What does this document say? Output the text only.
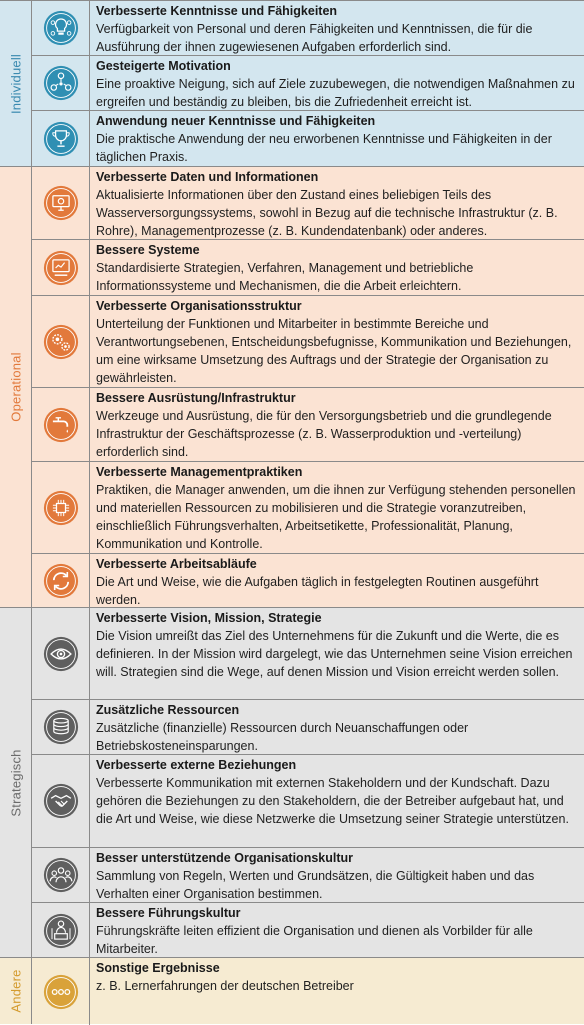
Individuell
Verbesserte Kenntnisse und Fähigkeiten
Verfügbarkeit von Personal und deren Fähigkeiten und Kenntnissen, die für die Ausführung der ihnen zugewiesenen Aufgaben erforderlich sind.
Gesteigerte Motivation
Eine proaktive Neigung, sich auf Ziele zuzubewegen, die notwendigen Maßnahmen zu ergreifen und beständig zu bleiben, bis die Zufriedenheit erreicht ist.
Anwendung neuer Kenntnisse und Fähigkeiten
Die praktische Anwendung der neu erworbenen Kenntnisse und Fähigkeiten in der täglichen Praxis.
Operational
Verbesserte Daten und Informationen
Aktualisierte Informationen über den Zustand eines beliebigen Teils des Wasserversorgungssystems, sowohl in Bezug auf die technische Infrastruktur (z. B. Rohre), Managementprozesse (z. B. Kundendatenbank) oder anderes.
Bessere Systeme
Standardisierte Strategien, Verfahren, Management und betriebliche Informationssysteme und Mechanismen, die die Arbeit erleichtern.
Verbesserte Organisationsstruktur
Unterteilung der Funktionen und Mitarbeiter in bestimmte Bereiche und Verantwortungsebenen, Entscheidungsbefugnisse, Kommunikation und Beziehungen, um eine wirksame Umsetzung des Auftrags und der Strategie der Organisation zu gewährleisten.
Bessere Ausrüstung/Infrastruktur
Werkzeuge und Ausrüstung, die für den Versorgungsbetrieb und die grundlegende Infrastruktur der Geschäftsprozesse (z. B. Wasserproduktion und -verteilung) erforderlich sind.
Verbesserte Managementpraktiken
Praktiken, die Manager anwenden, um die ihnen zur Verfügung stehenden personellen und materiellen Ressourcen zu mobilisieren und die Strategie voranzutreiben, einschließlich Führungsverhalten, Arbeitsetikette, Professionalität, Planung, Kommunikation und Kontrolle.
Verbesserte Arbeitsabläufe
Die Art und Weise, wie die Aufgaben täglich in festgelegten Routinen ausgeführt werden.
Strategisch
Verbesserte Vision, Mission, Strategie
Die Vision umreißt das Ziel des Unternehmens für die Zukunft und die Werte, die es definieren. In der Mission wird dargelegt, wie das Unternehmen seine Vision erreichen will. Strategien sind die Wege, auf denen Mission und Vision erreicht werden sollen.
Zusätzliche Ressourcen
Zusätzliche (finanzielle) Ressourcen durch Neuanschaffungen oder Betriebskosteneinsparungen.
Verbesserte externe Beziehungen
Verbesserte Kommunikation mit externen Stakeholdern und der Kundschaft. Dazu gehören die Beziehungen zu den Stakeholdern, die der Betreiber aufgebaut hat, und die Art und Weise, wie diese Netzwerke die Umsetzung seiner Strategie unterstützen.
Besser unterstützende Organisationskultur
Sammlung von Regeln, Werten und Grundsätzen, die Gültigkeit haben und das Verhalten einer Organisation bestimmen.
Bessere Führungskultur
Führungskräfte leiten effizient die Organisation und dienen als Vorbilder für alle Mitarbeiter.
Andere
Sonstige Ergebnisse
z. B. Lernerfahrungen der deutschen Betreiber
